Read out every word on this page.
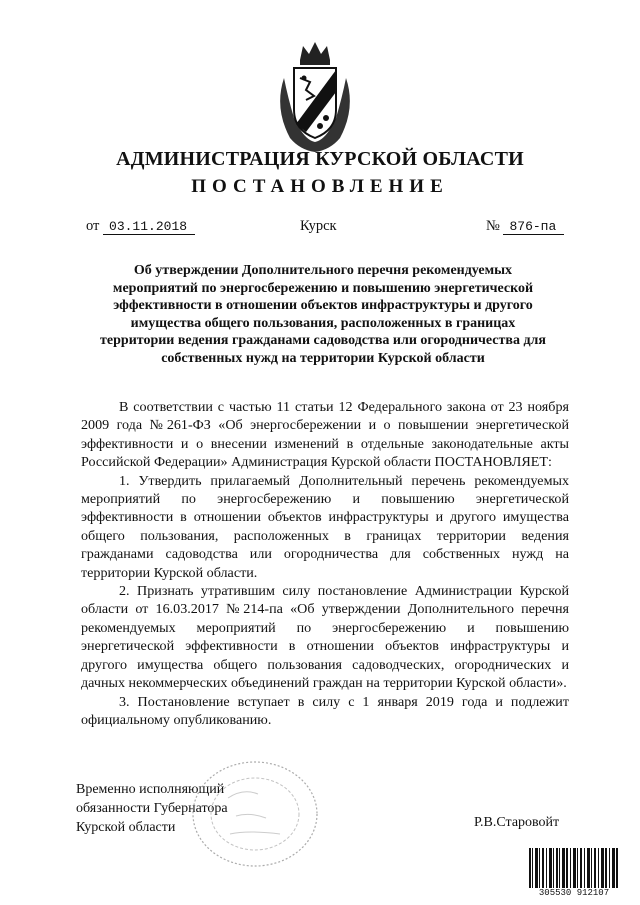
АДМИНИСТРАЦИЯ КУРСКОЙ ОБЛАСТИ
ПОСТАНОВЛЕНИЕ
от 03.11.2018	Курск	№ 876-па
Об утверждении Дополнительного перечня рекомендуемых мероприятий по энергосбережению и повышению энергетической эффективности в отношении объектов инфраструктуры и другого имущества общего пользования, расположенных в границах территории ведения гражданами садоводства или огородничества для собственных нужд на территории Курской области

В соответствии с частью 11 статьи 12 Федерального закона от 23 ноября 2009 года №261-ФЗ «Об энергосбережении и о повышении энергетической эффективности и о внесении изменений в отдельные законодательные акты Российской Федерации» Администрация Курской области ПОСТАНОВЛЯЕТ:

1. Утвердить прилагаемый Дополнительный перечень рекомендуемых мероприятий по энергосбережению и повышению энергетической эффективности в отношении объектов инфраструктуры и другого имущества общего пользования, расположенных в границах территории ведения гражданами садоводства или огородничества для собственных нужд на территории Курской области.

2. Признать утратившим силу постановление Администрации Курской области от 16.03.2017 №214-па «Об утверждении Дополнительного перечня рекомендуемых мероприятий по энергосбережению и повышению энергетической эффективности в отношении объектов инфраструктуры и другого имущества общего пользования садоводческих, огороднических и дачных некоммерческих объединений граждан на территории Курской области».

3. Постановление вступает в силу с 1 января 2019 года и подлежит официальному опубликованию.

Временно исполняющий
обязанности Губернатора
Курской области	Р.В.Старовойт
305530 912107
